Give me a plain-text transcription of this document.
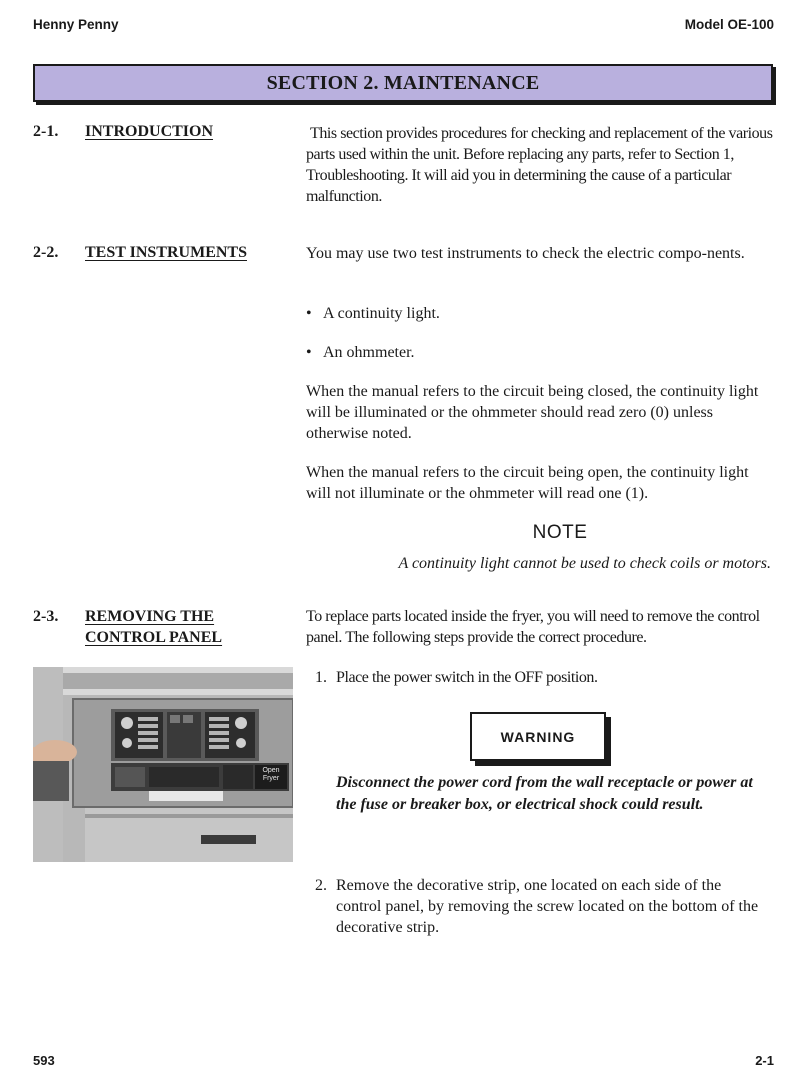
Henny Penny	Model OE-100
SECTION 2. MAINTENANCE
2-1. INTRODUCTION	This section provides procedures for checking and replacement of the various parts used within the unit. Before replacing any parts, refer to Section 1, Troubleshooting. It will aid you in determining the cause of a particular malfunction.
2-2. TEST INSTRUMENTS	You may use two test instruments to check the electric compo-nents.
• A continuity light.
• An ohmmeter.
When the manual refers to the circuit being closed, the continuity light will be illuminated or the ohmmeter should read zero (0) unless otherwise noted.
When the manual refers to the circuit being open, the continuity light will not illuminate or the ohmmeter will read one (1).
NOTE
A continuity light cannot be used to check coils or motors.
2-3. REMOVING THE
CONTROL PANEL
To replace parts located inside the fryer, you will need to remove the control panel. The following steps provide the correct procedure.
1. Place the power switch in the OFF position.
WARNING
Disconnect the power cord from the wall receptacle or power at the fuse or breaker box, or electrical shock could result.
2. Remove the decorative strip, one located on each side of the control panel, by removing the screw located on the bottom of the decorative strip.
Open Fryer
593	2-1
